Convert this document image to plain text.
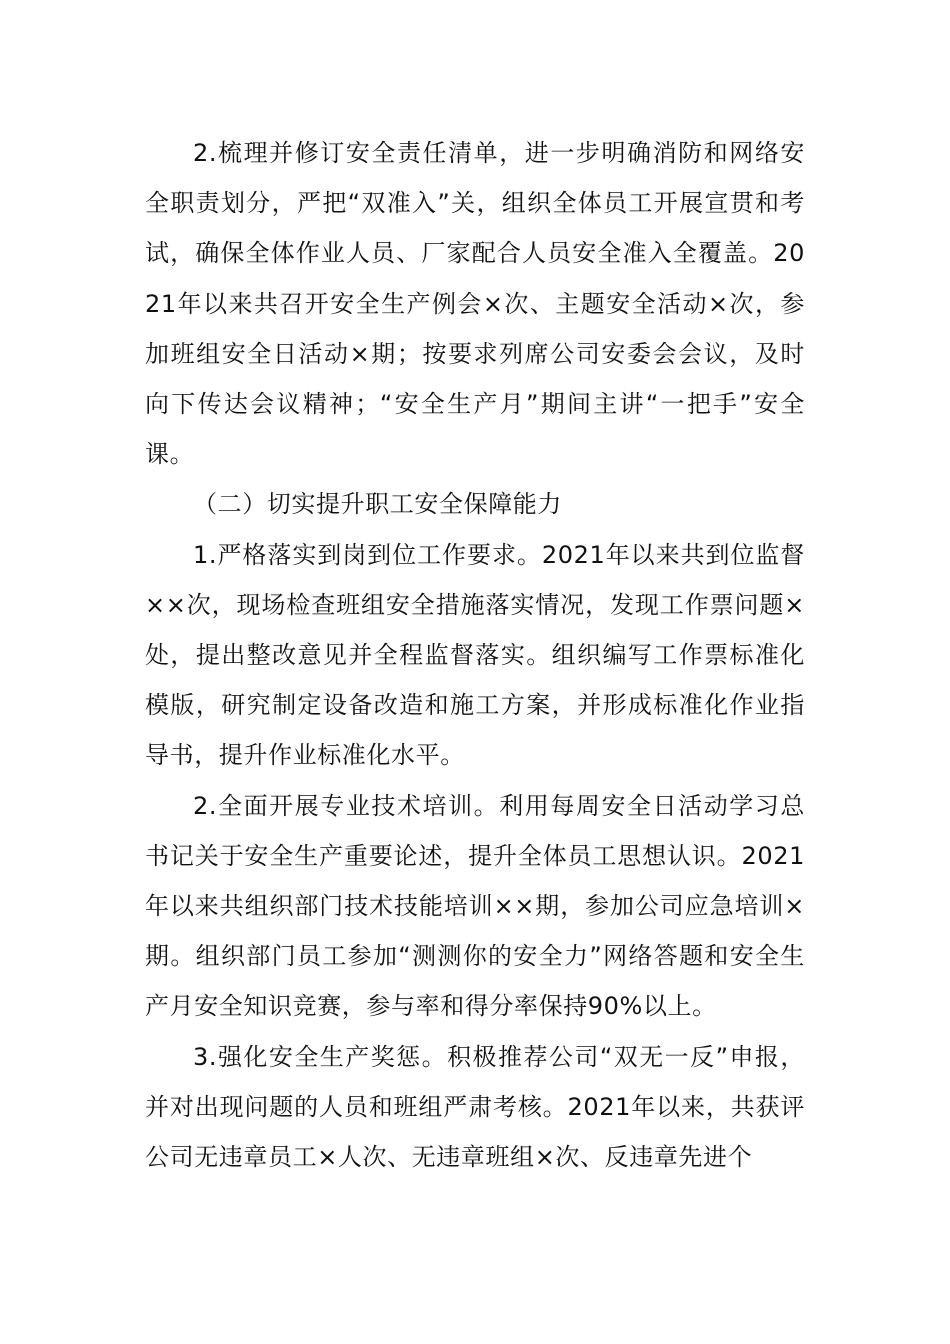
2.梳理并修订安全责任清单，进一步明确消防和网络安全职责划分，严把“双准入”关，组织全体员工开展宣贯和考试，确保全体作业人员、厂家配合人员安全准入全覆盖。2021年以来共召开安全生产例会×次、主题安全活动×次，参加班组安全日活动×期；按要求列席公司安委会会议，及时向下传达会议精神；“安全生产月”期间主讲“一把手”安全课。

（二）切实提升职工安全保障能力

1.严格落实到岗到位工作要求。2021年以来共到位监督××次，现场检查班组安全措施落实情况，发现工作票问题×处，提出整改意见并全程监督落实。组织编写工作票标准化模版，研究制定设备改造和施工方案，并形成标准化作业指导书，提升作业标准化水平。

2.全面开展专业技术培训。利用每周安全日活动学习总书记关于安全生产重要论述，提升全体员工思想认识。2021年以来共组织部门技术技能培训××期，参加公司应急培训×期。组织部门员工参加“测测你的安全力”网络答题和安全生产月安全知识竞赛，参与率和得分率保持90%以上。

3.强化安全生产奖惩。积极推荐公司“双无一反”申报，并对出现问题的人员和班组严肃考核。2021年以来，共获评公司无违章员工×人次、无违章班组×次、反违章先进个
